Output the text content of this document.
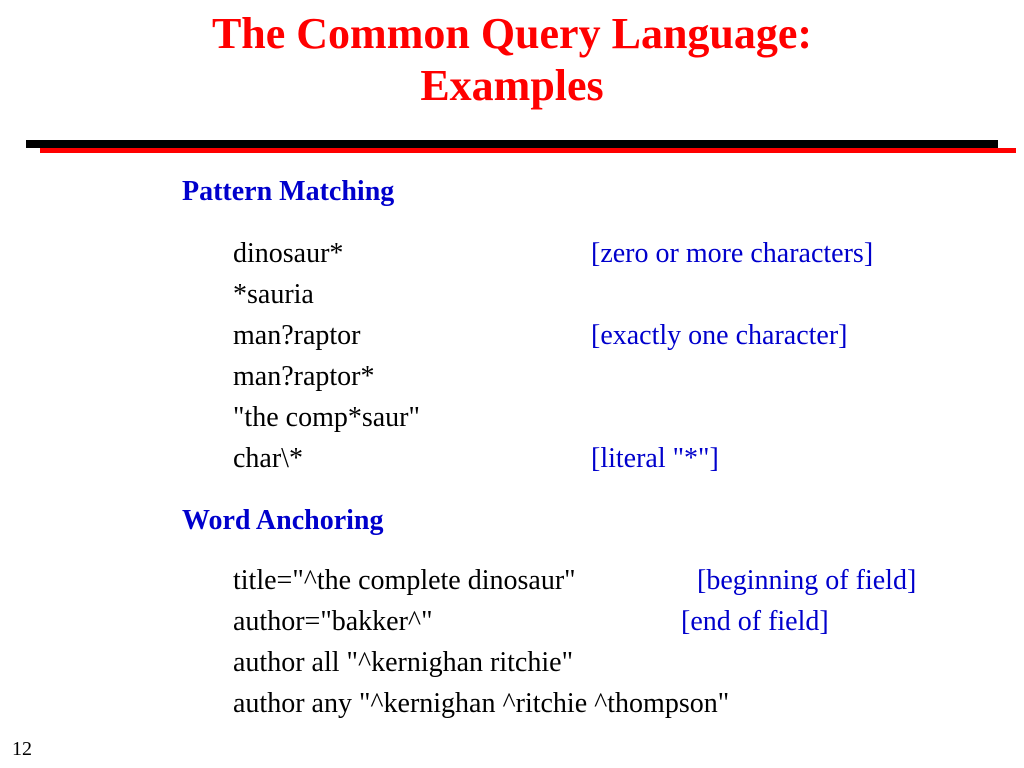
The Common Query Language:
Examples
Pattern Matching
dinosaur*	[zero or more characters]
*sauria
man?raptor	[exactly one character]
man?raptor*
"the comp*saur"
char\*	[literal "*"]
Word Anchoring
title="^the complete dinosaur"	[beginning of field]
author="bakker^"	[end of field]
author all "^kernighan ritchie"
author any "^kernighan ^ritchie ^thompson"
12
